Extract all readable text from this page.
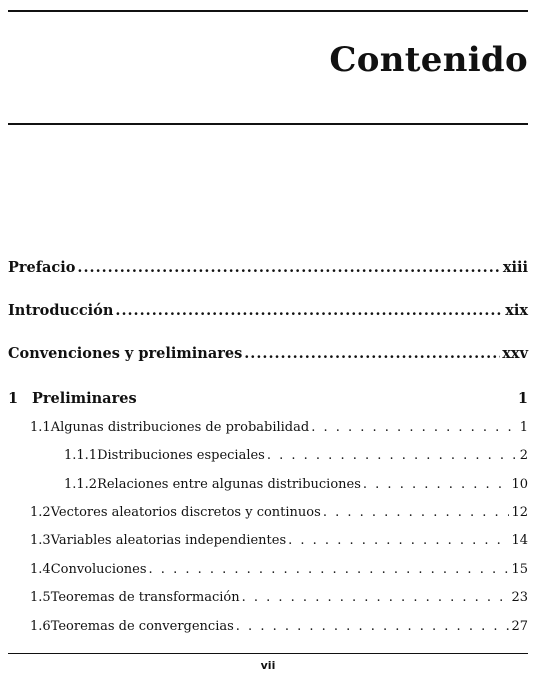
Contenido
Prefacio .....	xiii
Introducción .....	xix
Convenciones y preliminares .....	xxv
1 Preliminares	1
1.1 Algunas distribuciones de probabilidad . . .	1
1.1.1 Distribuciones especiales . . .	2
1.1.2 Relaciones entre algunas distribuciones . . .	10
1.2 Vectores aleatorios discretos y continuos . . .	12
1.3 Variables aleatorias independientes . . .	14
1.4 Convoluciones . . .	15
1.5 Teoremas de transformación . . .	23
1.6 Teoremas de convergencias . . .	27
vii
